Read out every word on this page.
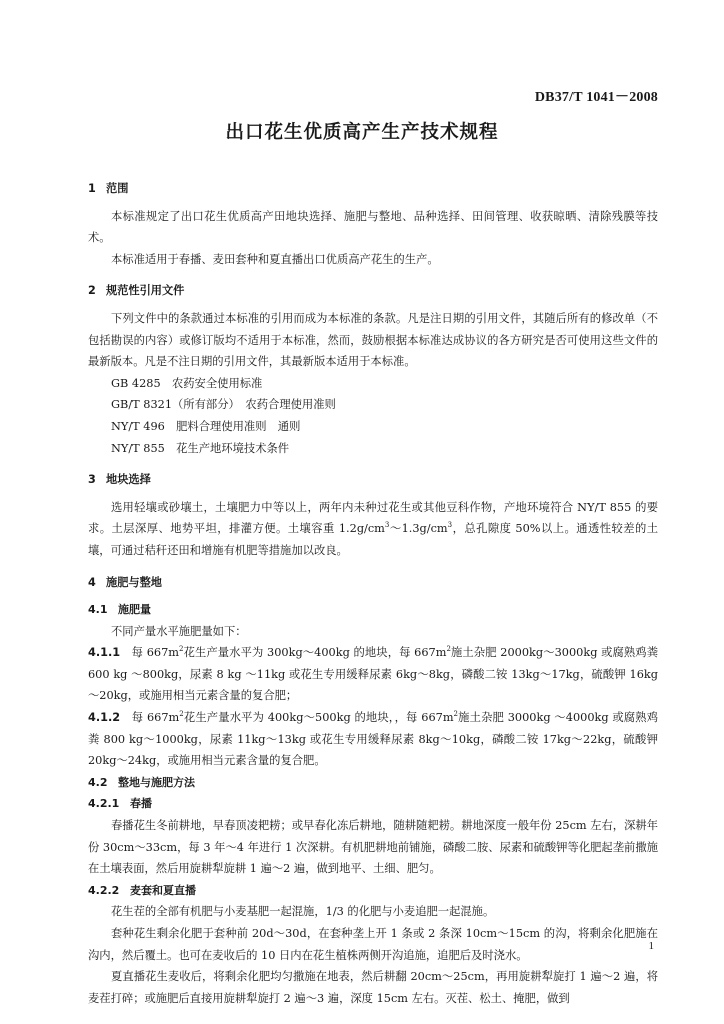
DB37/T 1041－2008
出口花生优质高产生产技术规程

1 范围

本标准规定了出口花生优质高产田地块选择、施肥与整地、品种选择、田间管理、收获晾晒、清除残膜等技术。

本标准适用于春播、麦田套种和夏直播出口优质高产花生的生产。

2 规范性引用文件

下列文件中的条款通过本标准的引用而成为本标准的条款。凡是注日期的引用文件，其随后所有的修改单（不包括勘误的内容）或修订版均不适用于本标准，然而，鼓励根据本标准达成协议的各方研究是否可使用这些文件的最新版本。凡是不注日期的引用文件，其最新版本适用于本标准。

GB 4285　农药安全使用标准

GB/T 8321（所有部分）　农药合理使用准则

NY/T 496　肥料合理使用准则　通则

NY/T 855　花生产地环境技术条件

3 地块选择

选用轻壤或砂壤土，土壤肥力中等以上，两年内未种过花生或其他豆科作物，产地环境符合 NY/T 855 的要求。土层深厚、地势平坦，排灌方便。土壤容重 $1.2g/cm^3\sim 1.3g/cm^3$，总孔隙度 50%以上。通透性较差的土壤，可通过秸秆还田和增施有机肥等措施加以改良。

4 施肥与整地

4.1 施肥量

不同产量水平施肥量如下：

4.1.1　每 $667m^2$花生产量水平为 300kg～400kg 的地块，每 $667m^2$施土杂肥 2000kg～3000kg 或腐熟鸡粪 600 kg ～800kg，尿素 8 kg ～11kg 或花生专用缓释尿素 6kg～8kg，磷酸二铵 13kg～17kg，硫酸钾 16kg ～20kg，或施用相当元素含量的复合肥；

4.1.2　每 $667m^2$花生产量水平为 400kg～500kg 的地块，，每 $667m^2$施土杂肥 3000kg ～4000kg 或腐熟鸡粪 800 kg～1000kg，尿素 11kg～13kg 或花生专用缓释尿素 8kg～10kg，磷酸二铵 17kg～22kg，硫酸钾 20kg～24kg，或施用相当元素含量的复合肥。

4.2 整地与施肥方法

4.2.1 春播

春播花生冬前耕地，早春顶凌耙耢；或早春化冻后耕地，随耕随耙耢。耕地深度一般年份 25cm 左右，深耕年份 30cm～33cm，每 3 年～4 年进行 1 次深耕。有机肥耕地前铺施，磷酸二胺、尿素和硫酸钾等化肥起垄前撒施在土壤表面，然后用旋耕犁旋耕 1 遍～2 遍，做到地平、土细、肥匀。

4.2.2 麦套和夏直播

花生茬的全部有机肥与小麦基肥一起混施，1/3 的化肥与小麦追肥一起混施。

套种花生剩余化肥于套种前 20d～30d，在套种垄上开 1 条或 2 条深 10cm～15cm 的沟，将剩余化肥施在沟内，然后覆土。也可在麦收后的 10 日内在花生植株两侧开沟追施，追肥后及时浇水。

夏直播花生麦收后，将剩余化肥均匀撒施在地表，然后耕翻 20cm～25cm，再用旋耕犁旋打 1 遍～2 遍，将麦茬打碎；或施肥后直接用旋耕犁旋打 2 遍～3 遍，深度 15cm 左右。灭茬、松土、掩肥，做到

1
